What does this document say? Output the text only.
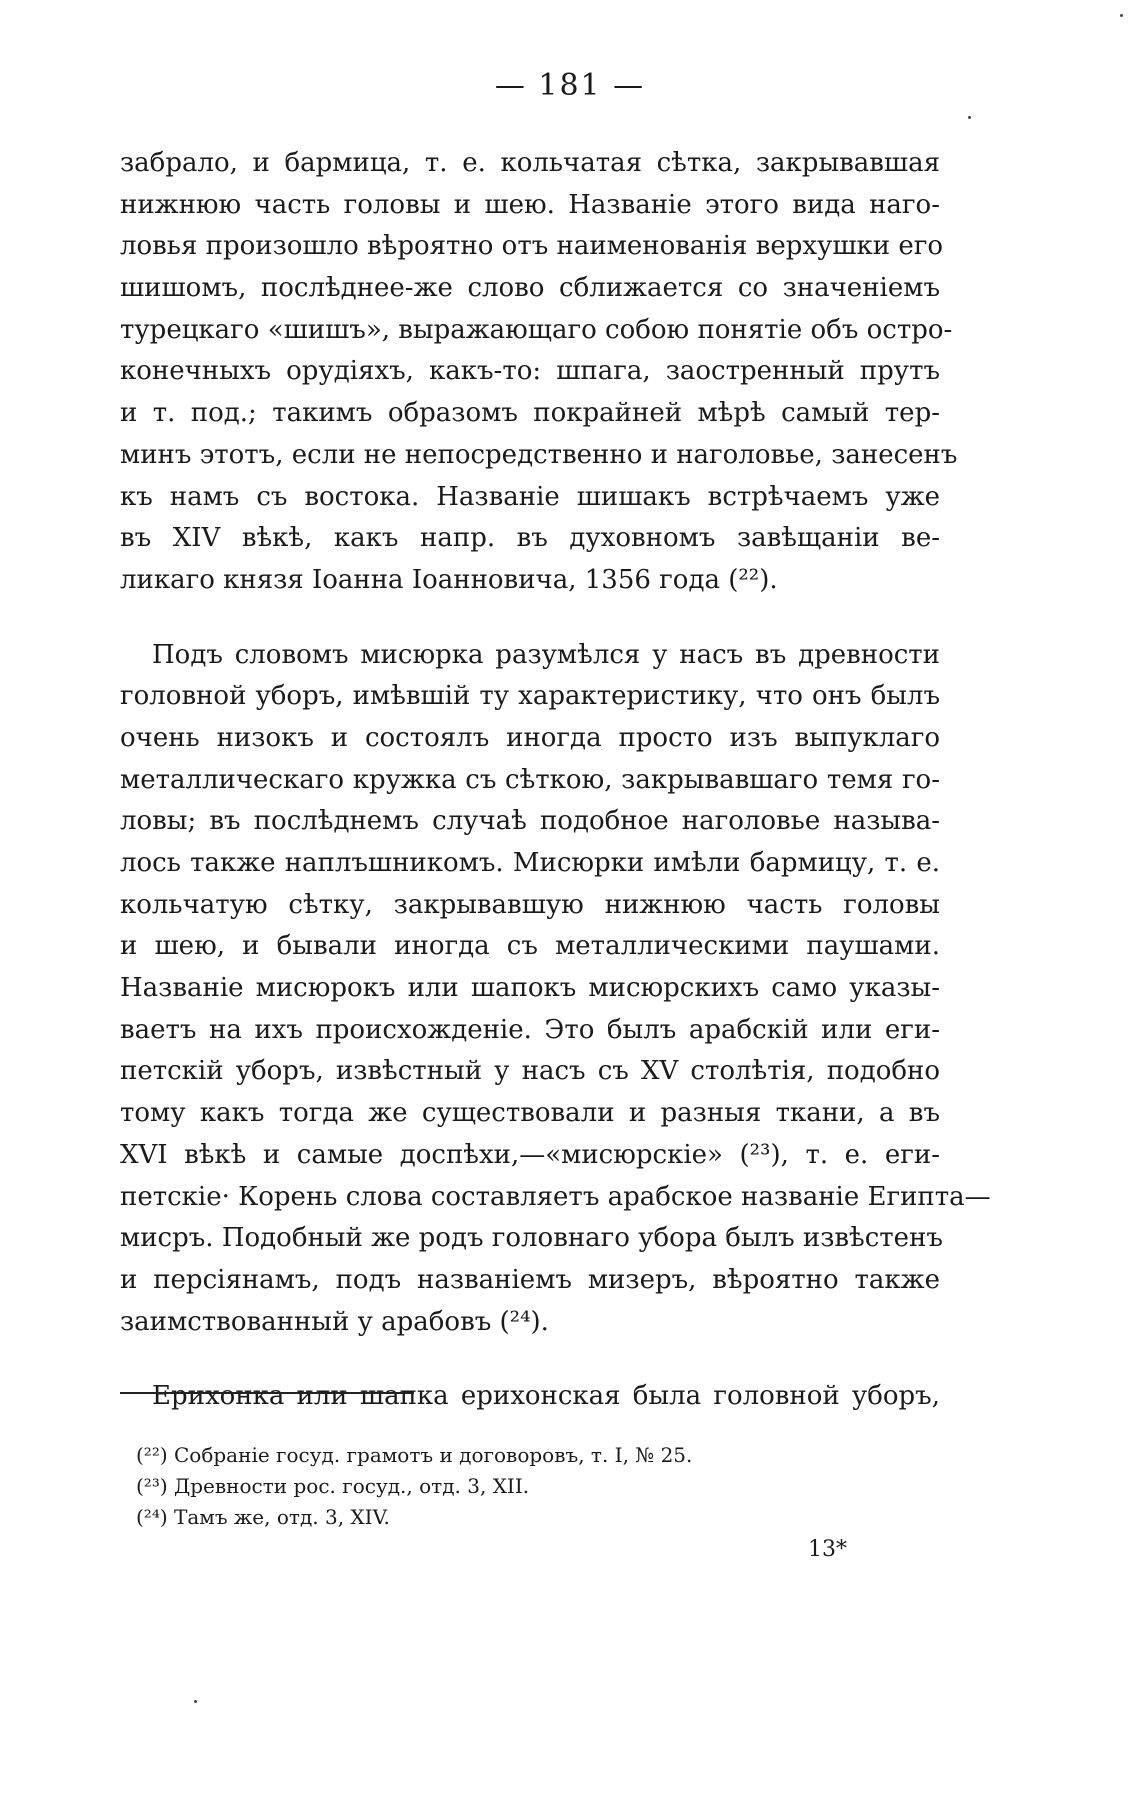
— 181 —
забрало, и бармица, т. е. кольчатая сѣтка, закрывавшая
нижнюю часть головы и шею. Названіе этого вида наго-
ловья произошло вѣроятно отъ наименованія верхушки его
шишомъ, послѣднее-же слово сближается со значеніемъ
турецкаго «шишъ», выражающаго собою понятіе объ остро-
конечныхъ орудіяхъ, какъ-то: шпага, заостренный прутъ
и т. под.; такимъ образомъ покрайней мѣрѣ самый тер-
минъ этотъ, если не непосредственно и наголовье, занесенъ
къ намъ съ востока. Названіе шишакъ встрѣчаемъ уже
въ XIV вѣкѣ, какъ напр. въ духовномъ завѣщаніи ве-
ликаго князя Іоанна Іоанновича, 1356 года (²²).
Подъ словомъ мисюрка разумѣлся у насъ въ древности
головной уборъ, имѣвшій ту характеристику, что онъ былъ
очень низокъ и состоялъ иногда просто изъ выпуклаго
металлическаго кружка съ сѣткою, закрывавшаго темя го-
ловы; въ послѣднемъ случаѣ подобное наголовье называ-
лось также наплъшникомъ. Мисюрки имѣли бармицу, т. е.
кольчатую сѣтку, закрывавшую нижнюю часть головы
и шею, и бывали иногда съ металлическими паушами.
Названіе мисюрокъ или шапокъ мисюрскихъ само указы-
ваетъ на ихъ происхожденіе. Это былъ арабскій или еги-
петскій уборъ, извѣстный у насъ съ XV столѣтія, подобно
тому какъ тогда же существовали и разныя ткани, а въ
XVI вѣкѣ и самые доспѣхи,—«мисюрскіе» (²³), т. е. еги-
петскіе· Корень слова составляетъ арабское названіе Египта—
мисръ. Подобный же родъ головнаго убора былъ извѣстенъ
и персіянамъ, подъ названіемъ мизеръ, вѣроятно также
заимствованный у арабовъ (²⁴).
Ерихонка или шапка ерихонская была головной уборъ,
(²²) Собраніе госуд. грамотъ и договоровъ, т. I, № 25.
(²³) Древности рос. госуд., отд. 3, XII.
(²⁴) Тамъ же, отд. 3, XIV.
13*
